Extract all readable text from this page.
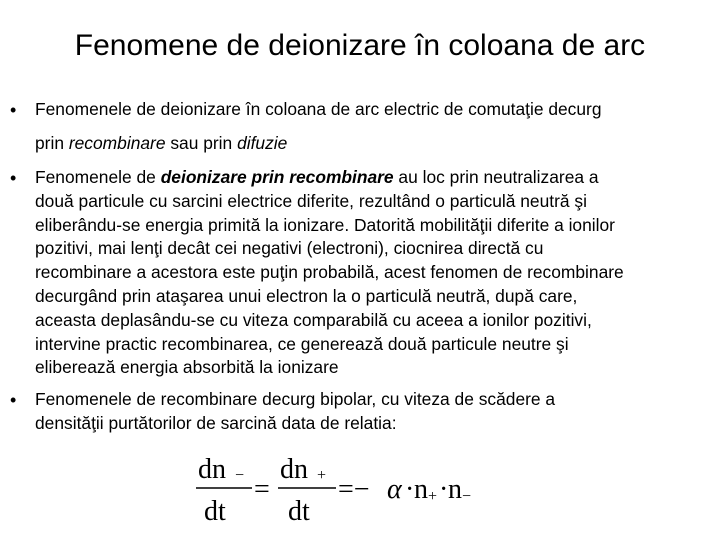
Fenomene de deionizare în coloana de arc
• Fenomenele de deionizare în coloana de arc electric de comutaţie decurg
prin recombinare sau prin difuzie
• Fenomenele de deionizare prin recombinare au loc prin neutralizarea a
două particule cu sarcini electrice diferite, rezultând o particulă neutră şi
eliberându-se energia primită la ionizare. Datorită mobilităţii diferite a ionilor
pozitivi, mai lenţi decât cei negativi (electroni), ciocnirea directă cu
recombinare a acestora este puţin probabilă, acest fenomen de recombinare
decurgând prin ataşarea unui electron la o particulă neutră, după care,
aceasta deplasându-se cu viteza comparabilă cu aceea a ionilor pozitivi,
intervine practic recombinarea, ce generează două particule neutre şi
eliberează energia absorbită la ionizare
• Fenomenele de recombinare decurg bipolar, cu viteza de scădere a
densităţii purtătorilor de sarcină data de relatia:
dn −
dt
=
dn +
dt
=− α · n + · n −
